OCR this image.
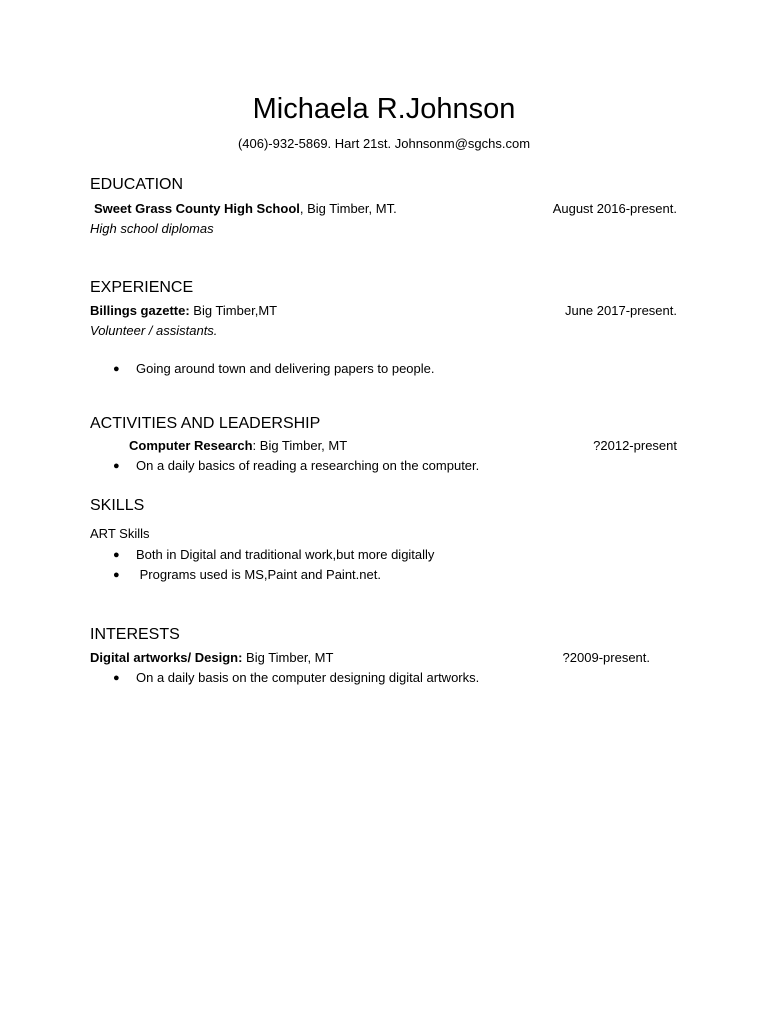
Michaela R.Johnson
(406)-932-5869. Hart 21st. Johnsonm@sgchs.com
EDUCATION
Sweet Grass County High School, Big Timber, MT.	August 2016-present.
High school diplomas
EXPERIENCE
Billings gazette: Big Timber,MT	June 2017-present.
Volunteer / assistants.
● Going around town and delivering papers to people.
ACTIVITIES AND LEADERSHIP
Computer Research: Big Timber, MT	?2012-present
● On a daily basics of reading a researching on the computer.
SKILLS
ART Skills
● Both in Digital and traditional work,but more digitally
● Programs used is MS,Paint and Paint.net.
INTERESTS
Digital artworks/ Design: Big Timber, MT	?2009-present.
● On a daily basis on the computer designing digital artworks.
